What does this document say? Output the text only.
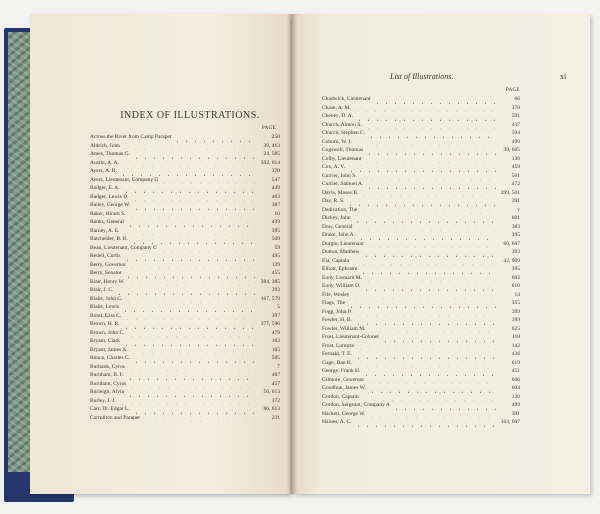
INDEX OF ILLUSTRATIONS.
PAGE
Across the River from Camp Parapet	250
Aldrich, John	39, 413
Ames, Thomas G.	24, 585
Austin, A. A.	392, 614
Ayers, A. R.	370
Ayers, Lieutenant, Company G	547
Badger, E. A.	449
Badger, Lewis D.	463
Bailey, George W.	387
Baker, Hiram S.	10
Banks, General	439
Barney, A. E.	395
Batchelder, B. B.	569
Bean, Lieutenant, Company C	59
Bedell, Curtis	495
Berry, Governor	139
Berry, Senator	455
Blair, Henry W.	384, 385
Blair, J. C.	393
Blake, John C.	167, 579
Blake, Lewis	5
Bond, Ezra C.	397
Brown, H. R.	377, 596
Brown, John C.	479
Bryant, Clark	163
Bryant, James A.	165
Bunce, Charles C.	505
Burbank, Cyrus	7
Burnham, B. F.	487
Burnham, Cyrus	457
Burleigh, Alvin	56, 613
Burley, J. J.	372
Carr, Dr. Edgar L.	86, 613
Carrollton and Parapet	231
List of Illustrations.	xi
PAGE
Chadwick, Lieutenant	66
Chase, A. M.	378
Cheney, D. A.	501
Church, Almon S.	437
Church, Stephen C.	594
Coburn, W. I.	490
Cogswell, Thomas	39, 605
Colby, Lieutenant	130
Cox, A. V.	459
Currier, John S.	501
Currier, Samuel A.	472
Davis, Moses B.	399, 501
Day, R. S.	391
Dedication, The	v
Dickey, John	601
Dow, General	383
Drake, John A.	395
Durgin, Lieutenant	66, 607
Dutton, Matthew	393
Ela, Captain	42, 609
Elliott, Ephraim	395
Eudy, Leonard M.	602
Eudy, William D.	610
Fife, Wesley	14
Flags, The	355
Fogg, John P.	399
Fowler, H. B.	399
Fowler, William M.	625
Frost, Lieutenant-Colonel	118
Frost, Lorenzo	142
Fernald, T. E.	436
Gage, Dan B.	619
George, Frank H.	451
Gilmore, Governor	606
Goodhue, James W.	603
Gordon, Captain	130
Gordon, Sergeant, Company A	499
Hackett, George W.	391
Haines, A. C.	163, 607
